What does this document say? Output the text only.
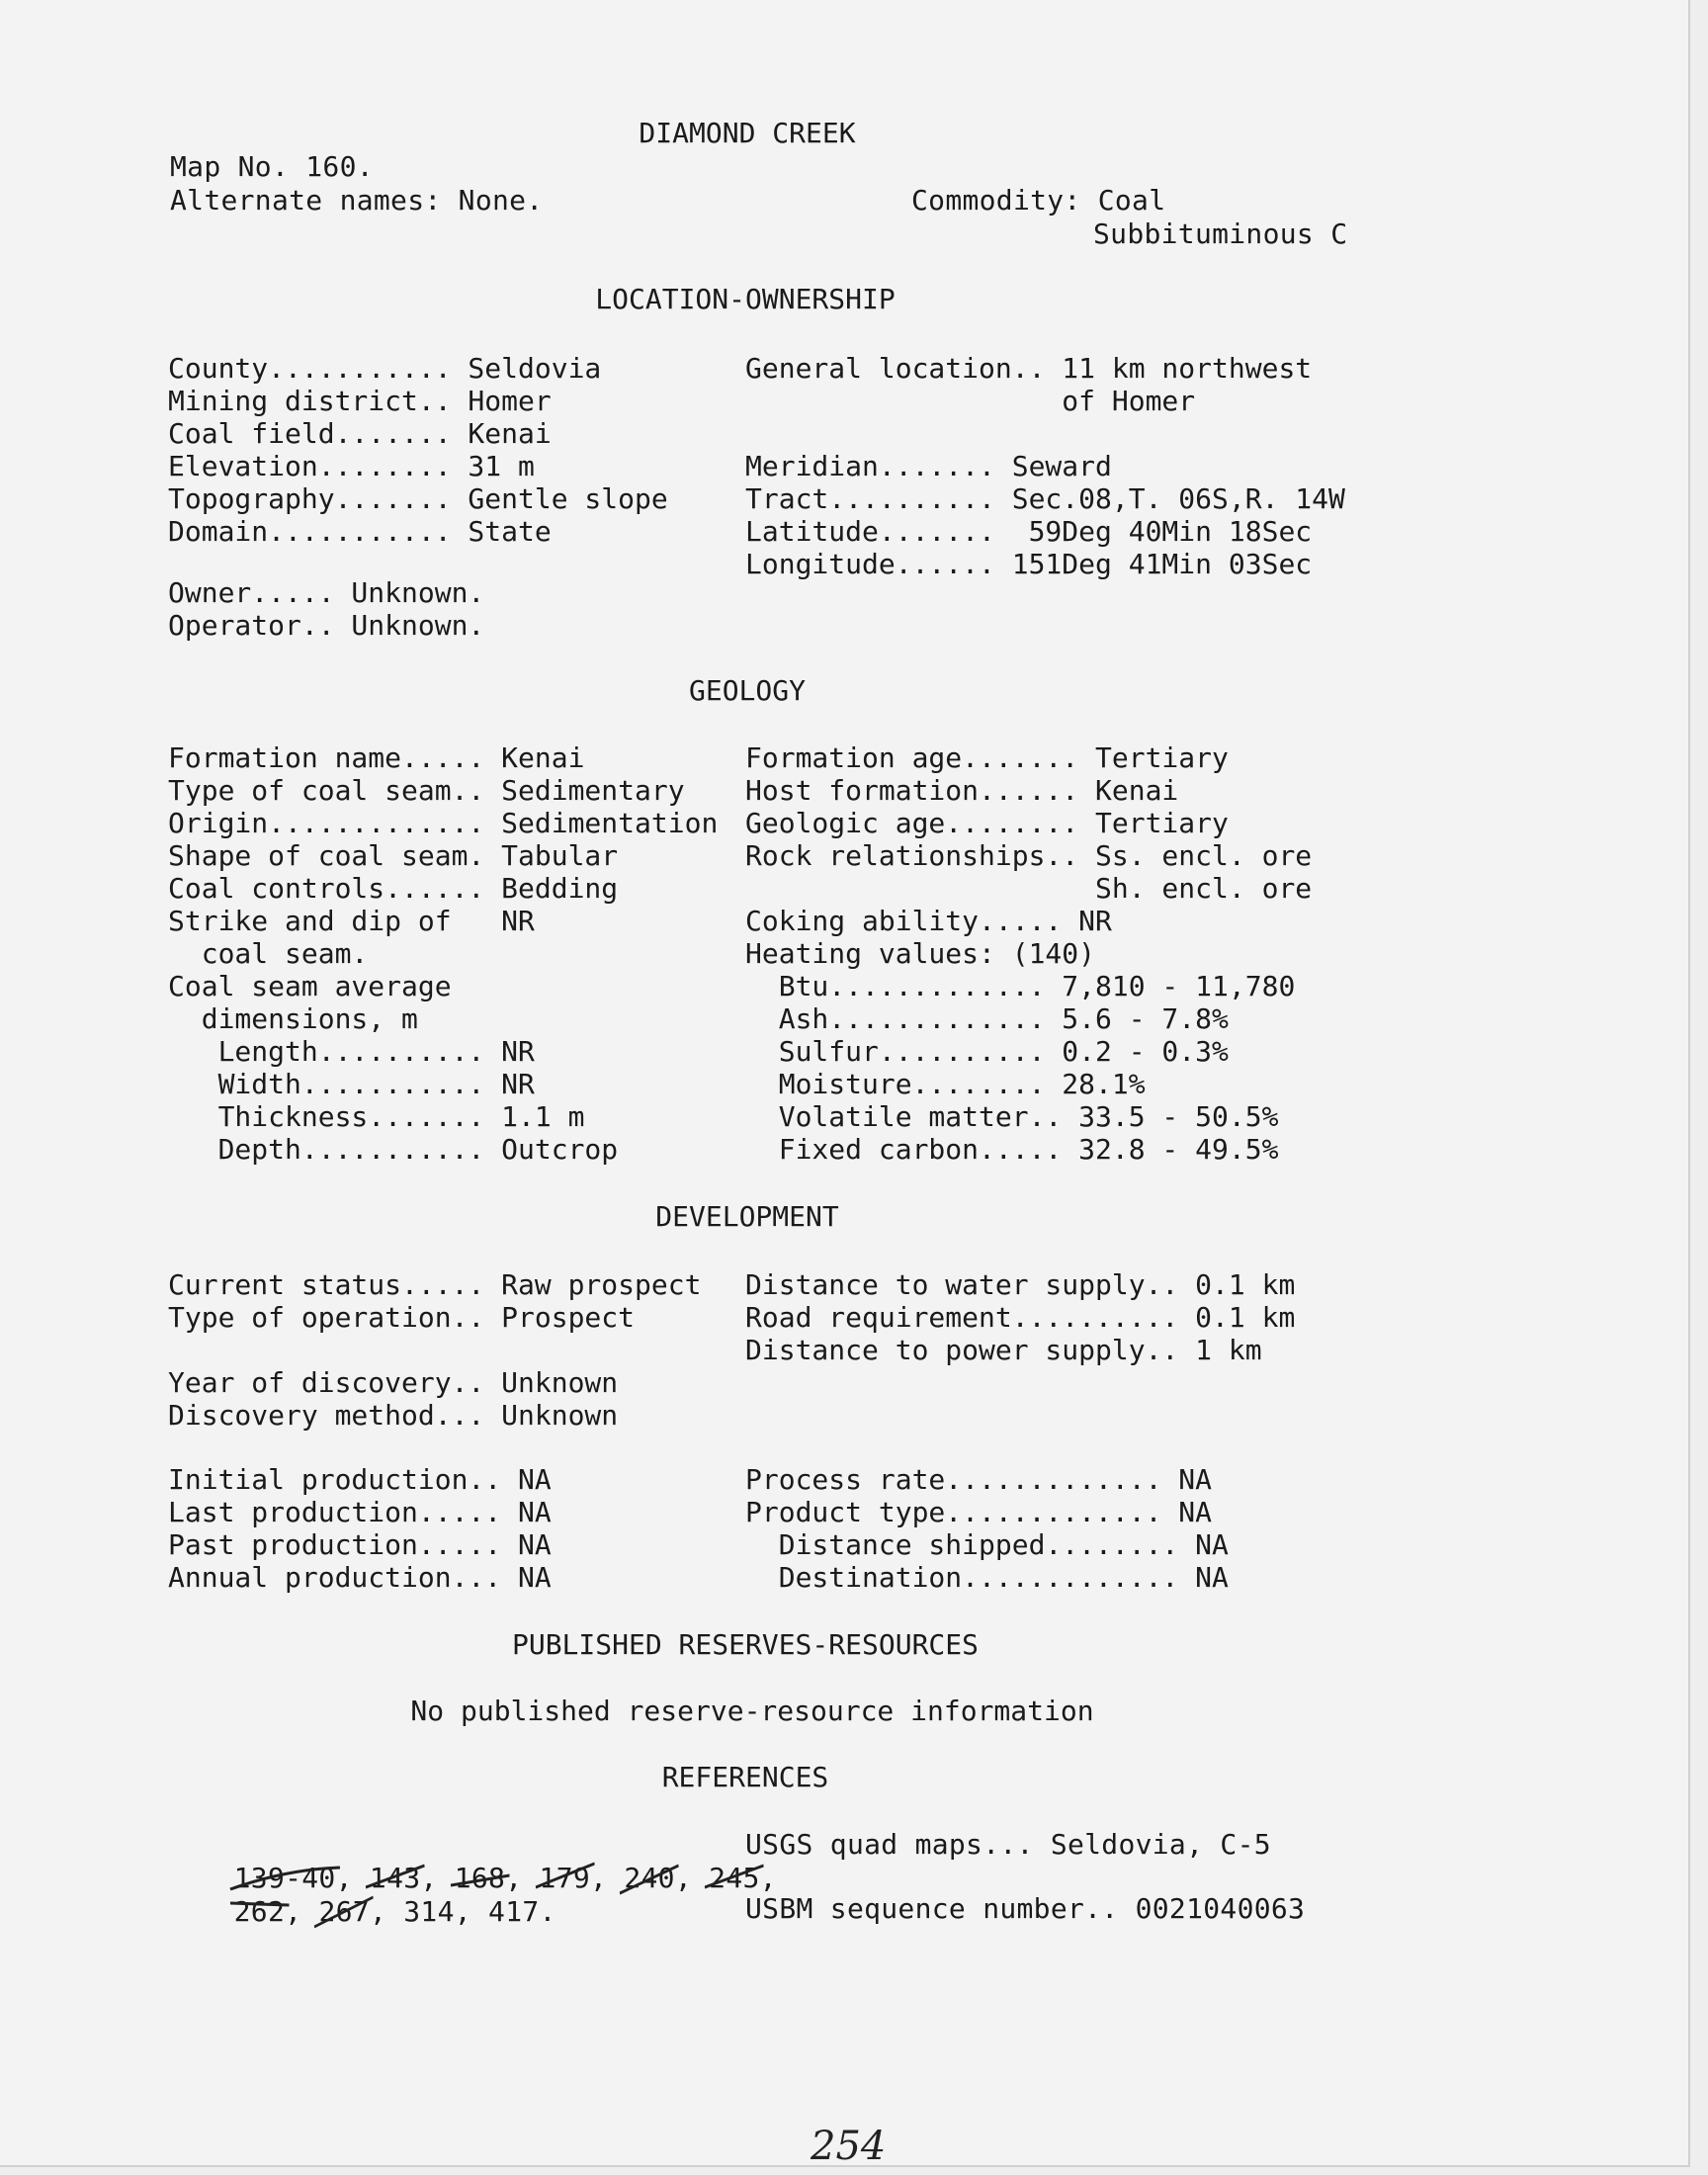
DIAMOND CREEK
Map No. 160.
Alternate names: None.	Commodity: Coal
Subbituminous C
LOCATION-OWNERSHIP
County........... Seldovia
Mining district.. Homer
Coal field....... Kenai
Elevation........ 31 m
Topography....... Gentle slope
Domain........... State
General location.. 11 km northwest
of Homer
Meridian....... Seward
Tract.......... Sec.08,T. 06S,R. 14W
Latitude.......  59Deg 40Min 18Sec
Longitude...... 151Deg 41Min 03Sec
Owner..... Unknown.
Operator.. Unknown.
GEOLOGY
Formation name..... Kenai
Type of coal seam.. Sedimentary
Origin............. Sedimentation
Shape of coal seam. Tabular
Coal controls...... Bedding
Strike and dip of   NR
coal seam.
Coal seam average
dimensions, m
Length.......... NR
Width........... NR
Thickness....... 1.1 m
Depth........... Outcrop
Formation age....... Tertiary
Host formation...... Kenai
Geologic age........ Tertiary
Rock relationships.. Ss. encl. ore
Sh. encl. ore
Coking ability..... NR
Heating values: (140)
Btu............. 7,810 - 11,780
Ash............. 5.6 - 7.8%
Sulfur.......... 0.2 - 0.3%
Moisture........ 28.1%
Volatile matter.. 33.5 - 50.5%
Fixed carbon..... 32.8 - 49.5%
DEVELOPMENT
Current status..... Raw prospect
Type of operation.. Prospect
Distance to water supply.. 0.1 km
Road requirement.......... 0.1 km
Distance to power supply.. 1 km
Year of discovery.. Unknown
Discovery method... Unknown
Initial production.. NA
Last production..... NA
Past production..... NA
Annual production... NA
Process rate............. NA
Product type............. NA
Distance shipped........ NA
Destination............. NA
PUBLISHED RESERVES-RESOURCES
No published reserve-resource information
REFERENCES

139-40
, 143
, 168
, 179
, 240
, 245
,

262
, 267
, 314, 417.
USGS quad maps... Seldovia, C-5
USBM sequence number.. 0021040063
254
